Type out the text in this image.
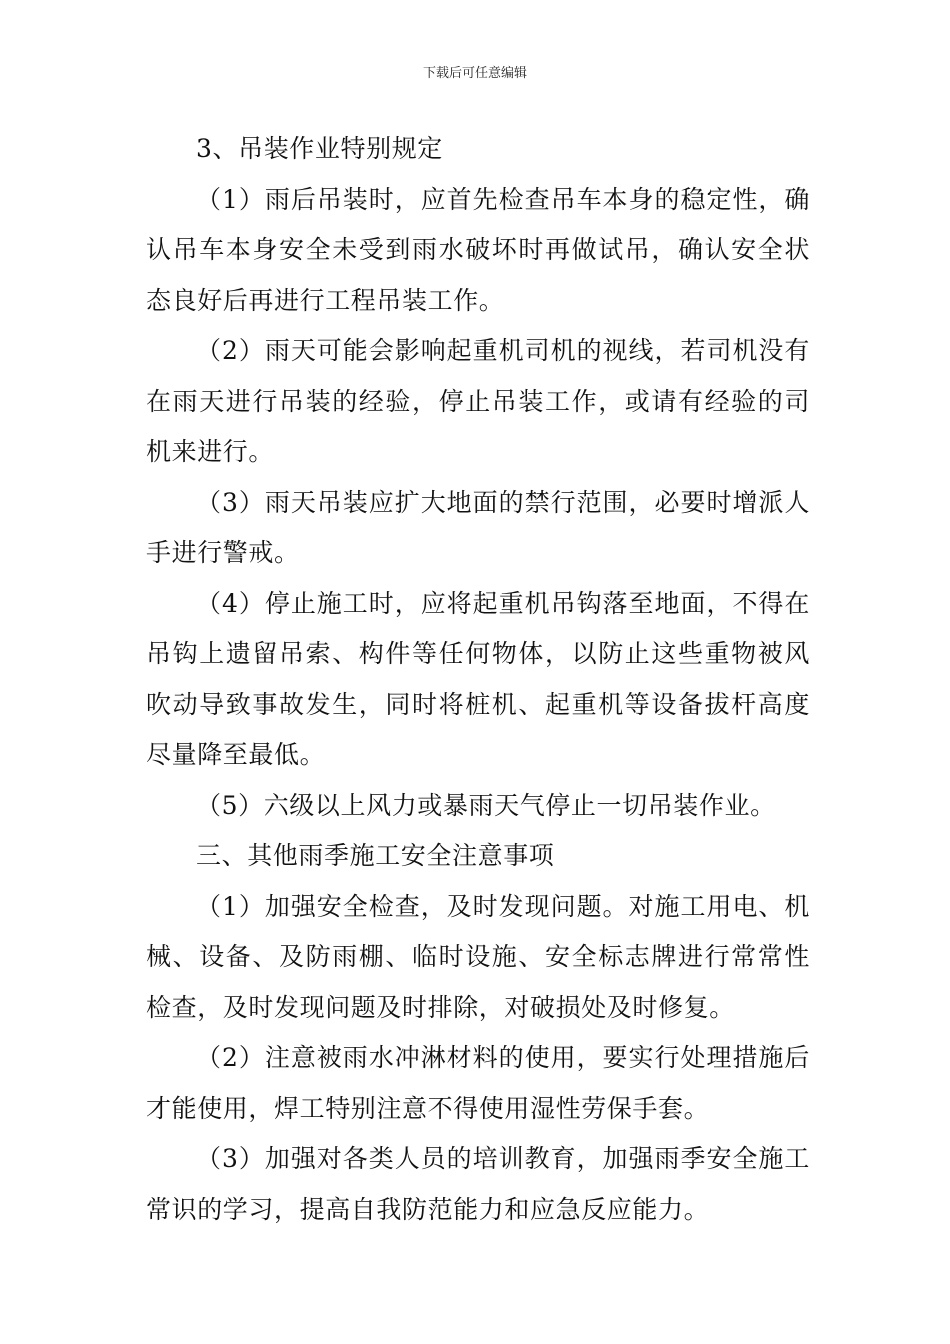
下载后可任意编辑

3、吊装作业特别规定

（1）雨后吊装时，应首先检查吊车本身的稳定性，确认吊车本身安全未受到雨水破坏时再做试吊，确认安全状态良好后再进行工程吊装工作。

（2）雨天可能会影响起重机司机的视线，若司机没有在雨天进行吊装的经验，停止吊装工作，或请有经验的司机来进行。

（3）雨天吊装应扩大地面的禁行范围，必要时增派人手进行警戒。

（4）停止施工时，应将起重机吊钩落至地面，不得在吊钩上遗留吊索、构件等任何物体，以防止这些重物被风吹动导致事故发生，同时将桩机、起重机等设备拔杆高度尽量降至最低。

（5）六级以上风力或暴雨天气停止一切吊装作业。

三、其他雨季施工安全注意事项

（1）加强安全检查，及时发现问题。对施工用电、机械、设备、及防雨棚、临时设施、安全标志牌进行常常性检查，及时发现问题及时排除，对破损处及时修复。

（2）注意被雨水冲淋材料的使用，要实行处理措施后才能使用，焊工特别注意不得使用湿性劳保手套。

（3）加强对各类人员的培训教育，加强雨季安全施工常识的学习，提高自我防范能力和应急反应能力。
